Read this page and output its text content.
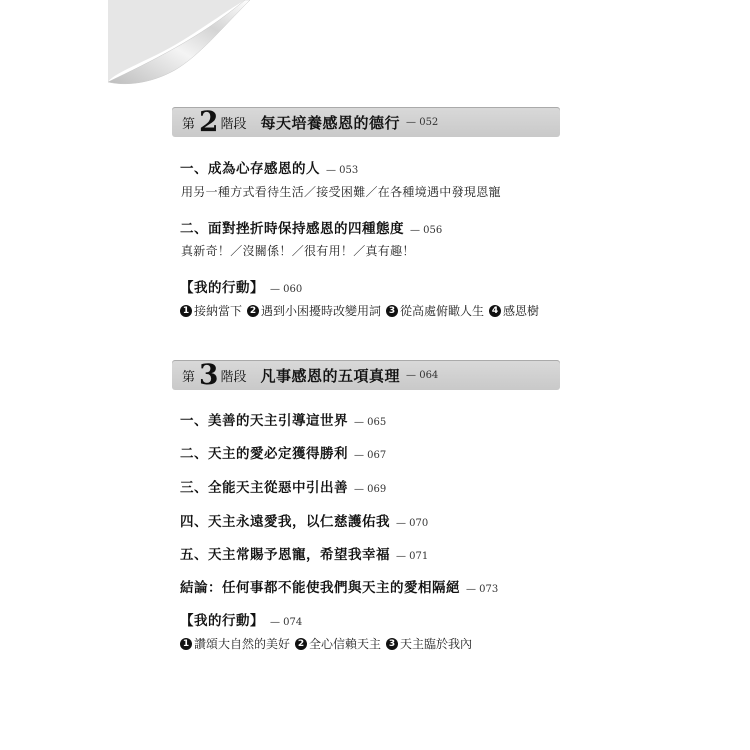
第 2 階段 每天培養感恩的德行 — 052
一、成為心存感恩的人 — 053
用另一種方式看待生活／接受困難／在各種境遇中發現恩寵
二、面對挫折時保持感恩的四種態度 — 056
真新奇！／沒關係！／很有用！／真有趣！
【我的行動】 — 060
1 接納當下 2 遇到小困擾時改變用詞 3 從高處俯瞰人生 4 感恩樹
第 3 階段 凡事感恩的五項真理 — 064
一、美善的天主引導這世界 — 065
二、天主的愛必定獲得勝利 — 067
三、全能天主從惡中引出善 — 069
四、天主永遠愛我，以仁慈護佑我 — 070
五、天主常賜予恩寵，希望我幸福 — 071
結論：任何事都不能使我們與天主的愛相隔絕 — 073
【我的行動】 — 074
1 讚頌大自然的美好 2 全心信賴天主 3 天主臨於我內
